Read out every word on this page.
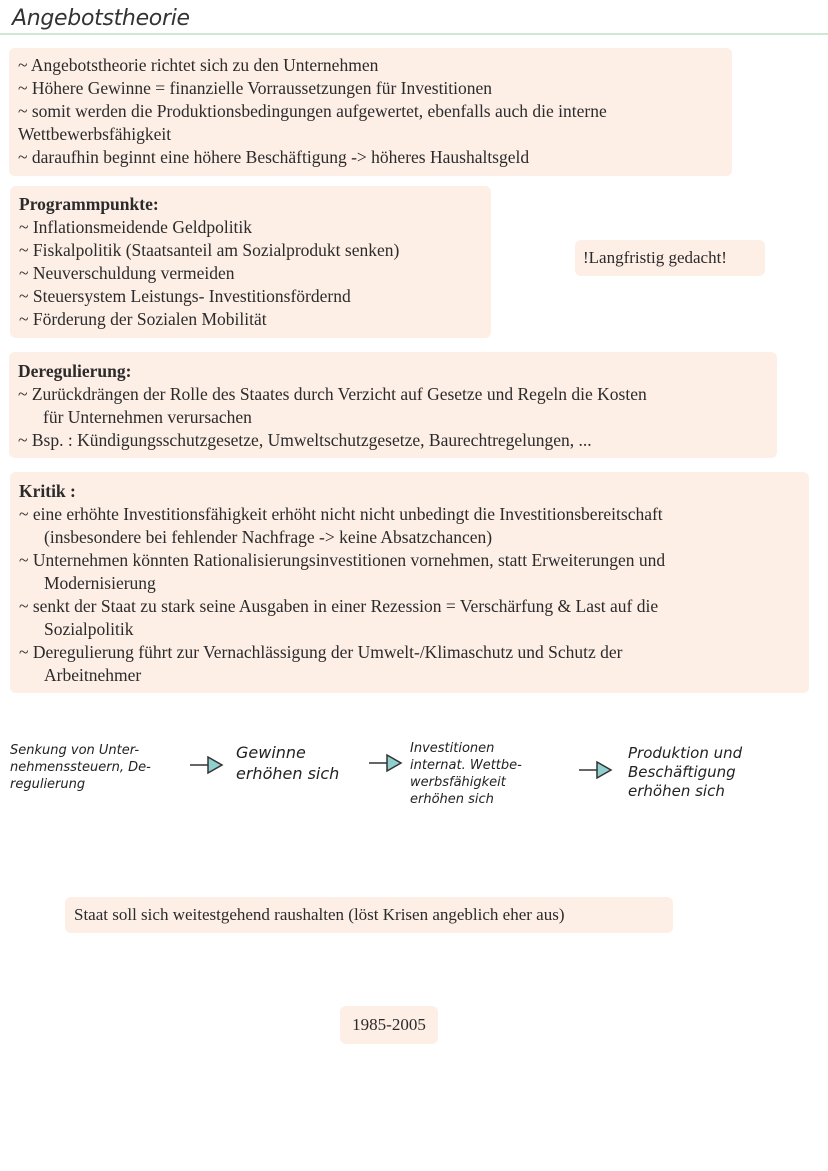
Angebotstheorie
~ Angebotstheorie richtet sich zu den Unternehmen
~ Höhere Gewinne = finanzielle Vorraussetzungen für Investitionen
~ somit werden die Produktionsbedingungen aufgewertet, ebenfalls auch die interne
Wettbewerbsfähigkeit
~ daraufhin beginnt eine höhere Beschäftigung -> höheres Haushaltsgeld
Programmpunkte:
~ Inflationsmeidende Geldpolitik
~ Fiskalpolitik (Staatsanteil am Sozialprodukt senken)
~ Neuverschuldung vermeiden
~ Steuersystem Leistungs- Investitionsfördernd
~ Förderung der Sozialen Mobilität
!Langfristig gedacht!
Deregulierung:
~ Zurückdrängen der Rolle des Staates durch Verzicht auf Gesetze und Regeln die Kosten
für Unternehmen verursachen
~ Bsp. : Kündigungsschutzgesetze, Umweltschutzgesetze, Baurechtregelungen, ...
Kritik :
~ eine erhöhte Investitionsfähigkeit erhöht nicht nicht unbedingt die Investitionsbereitschaft
(insbesondere bei fehlender Nachfrage -> keine Absatzchancen)
~ Unternehmen könnten Rationalisierungsinvestitionen vornehmen, statt Erweiterungen und
Modernisierung
~ senkt der Staat zu stark seine Ausgaben in einer Rezession = Verschärfung & Last auf die
Sozialpolitik
~ Deregulierung führt zur Vernachlässigung der Umwelt-/Klimaschutz und Schutz der
Arbeitnehmer
Senkung von Unter-
nehmenssteuern, De-
regulierung
Gewinne
erhöhen sich
Investitionen
internat. Wettbe-
werbsfähigkeit
erhöhen sich
Produktion und
Beschäftigung
erhöhen sich
Staat soll sich weitestgehend raushalten (löst Krisen angeblich eher aus)
1985-2005
